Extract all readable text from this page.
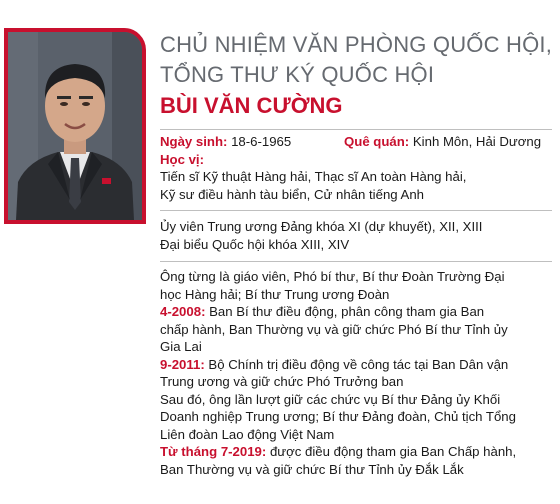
CHỦ NHIỆM VĂN PHÒNG QUỐC HỘI,
TỔNG THƯ KÝ QUỐC HỘI
BÙI VĂN CƯỜNG
Ngày sinh: 18-6-1965	Quê quán: Kinh Môn, Hải Dương
Học vị:
Tiến sĩ Kỹ thuật Hàng hải, Thạc sĩ An toàn Hàng hải,
Kỹ sư điều hành tàu biển, Cử nhân tiếng Anh
Ủy viên Trung ương Đảng khóa XI (dự khuyết), XII, XIII
Đại biểu Quốc hội khóa XIII, XIV
Ông từng là giáo viên, Phó bí thư, Bí thư Đoàn Trường Đại
học Hàng hải; Bí thư Trung ương Đoàn
4-2008: Ban Bí thư điều động, phân công tham gia Ban
chấp hành, Ban Thường vụ và giữ chức Phó Bí thư Tỉnh ủy
Gia Lai
9-2011: Bộ Chính trị điều động về công tác tại Ban Dân vận
Trung ương và giữ chức Phó Trưởng ban
Sau đó, ông lần lượt giữ các chức vụ Bí thư Đảng ủy Khối
Doanh nghiệp Trung ương; Bí thư Đảng đoàn, Chủ tịch Tổng
Liên đoàn Lao động Việt Nam
Từ tháng 7-2019: được điều động tham gia Ban Chấp hành,
Ban Thường vụ và giữ chức Bí thư Tỉnh ủy Đắk Lắk
